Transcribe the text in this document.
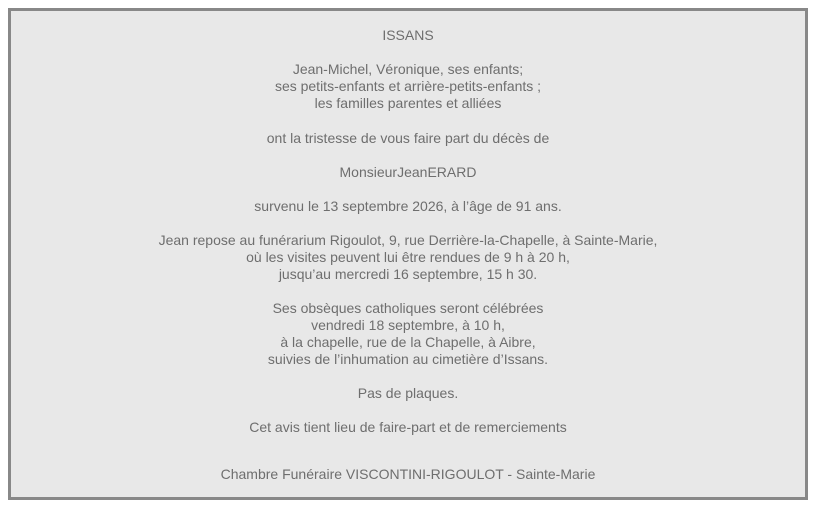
ISSANS
Jean-Michel, Véronique, ses enfants;
ses petits-enfants et arrière-petits-enfants ;
les familles parentes et alliées
ont la tristesse de vous faire part du décès de
MonsieurJeanERARD
survenu le 13 septembre 2026, à l’âge de 91 ans.
Jean repose au funérarium Rigoulot, 9, rue Derrière-la-Chapelle, à Sainte-Marie,
où les visites peuvent lui être rendues de 9 h à 20 h,
jusqu’au mercredi 16 septembre, 15 h 30.
Ses obsèques catholiques seront célébrées
vendredi 18 septembre, à 10 h,
à la chapelle, rue de la Chapelle, à Aibre,
suivies de l’inhumation au cimetière d’Issans.
Pas de plaques.
Cet avis tient lieu de faire-part et de remerciements
Chambre Funéraire VISCONTINI-RIGOULOT - Sainte-Marie
